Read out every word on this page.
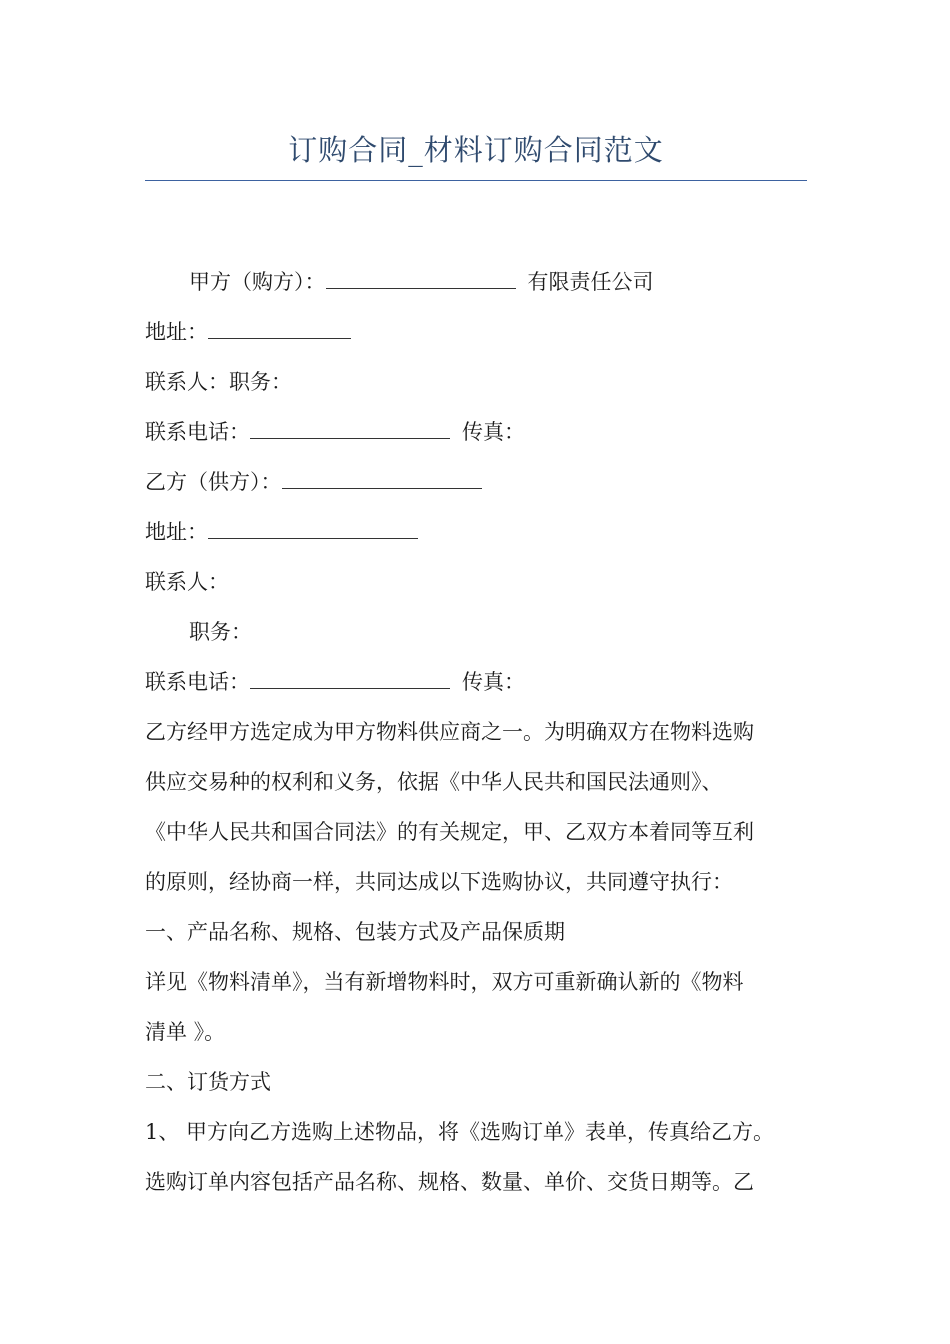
订购合同_材料订购合同范文
甲方（购方）：	有限责任公司
地址：
联系人：职务：
联系电话：	传真：
乙方（供方）：
地址：
联系人：
职务：
联系电话：	传真：
乙方经甲方选定成为甲方物料供应商之一。为明确双方在物料选购
供应交易种的权利和义务，依据《中华人民共和国民法通则》、
《中华人民共和国合同法》的有关规定，甲、乙双方本着同等互利
的原则，经协商一样，共同达成以下选购协议，共同遵守执行：
一、产品名称、规格、包装方式及产品保质期
详见《物料清单》，当有新增物料时，双方可重新确认新的《物料
清单 》。
二、订货方式
1、 甲方向乙方选购上述物品，将《选购订单》表单，传真给乙方。
选购订单内容包括产品名称、规格、数量、单价、交货日期等。乙
